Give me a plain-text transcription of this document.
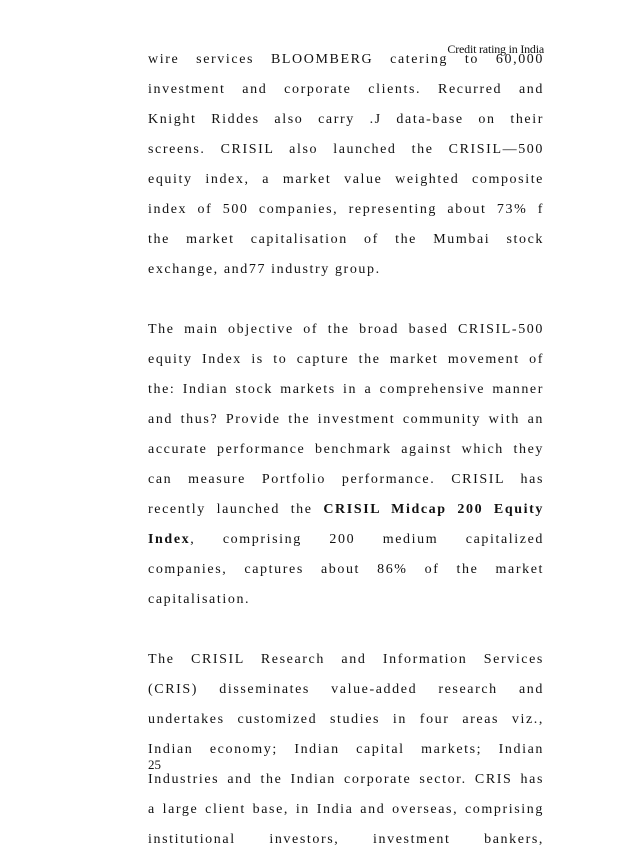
Credit rating in India
wire services BLOOMBERG catering to 60,000
investment and corporate clients. Recurred and
Knight Riddes also carry .J data-base on their
screens. CRISIL also launched the CRISIL—500
equity index, a market value weighted composite
index of 500 companies, representing about 73% f
the market capitalisation of the Mumbai stock
exchange, and77 industry group.
The main objective of the broad based CRISIL-500
equity Index is to capture the market movement of
the: Indian stock markets in a comprehensive manner
and thus? Provide the investment community with an
accurate performance benchmark against which they
can measure Portfolio performance. CRISIL has
recently launched the CRISIL Midcap 200 Equity
Index, comprising 200 medium capitalized
companies, captures about 86% of the market
capitalisation.
The CRISIL Research and Information Services
(CRIS) disseminates value-added research and
undertakes customized studies in four areas viz.,
Indian economy; Indian capital markets; Indian
Industries and the Indian corporate sector. CRIS has
a large client base, in India and overseas, comprising
institutional investors, investment bankers,
25
